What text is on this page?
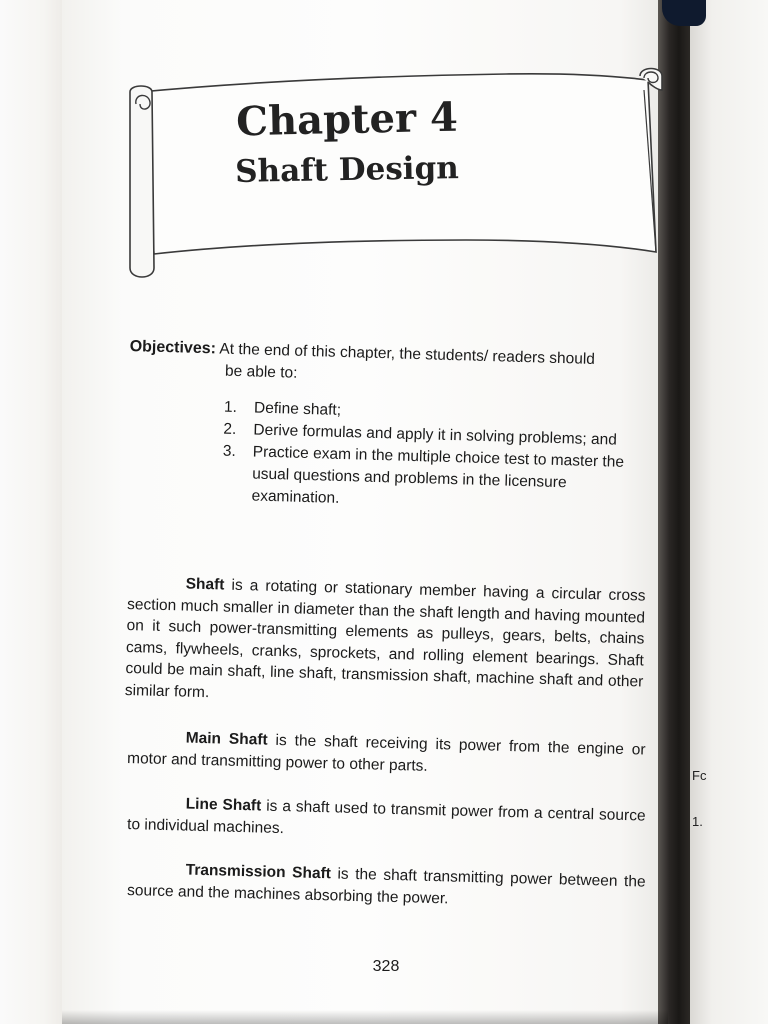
Fc
1.
Chapter 4
Shaft Design
Objectives: At the end of this chapter, the students/ readers should
be able to:
1. Define shaft;
2. Derive formulas and apply it in solving problems; and
3. Practice exam in the multiple choice test to master the usual questions and problems in the licensure examination.

Shaft is a rotating or stationary member having a circular cross section much smaller in diameter than the shaft length and having mounted on it such power-transmitting elements as pulleys, gears, belts, chains cams, flywheels, cranks, sprockets, and rolling element bearings. Shaft could be main shaft, line shaft, transmission shaft, machine shaft and other similar form.

Main Shaft is the shaft receiving its power from the engine or motor and transmitting power to other parts.

Line Shaft is a shaft used to transmit power from a central source to individual machines.

Transmission Shaft is the shaft transmitting power between the source and the machines absorbing the power.

328
